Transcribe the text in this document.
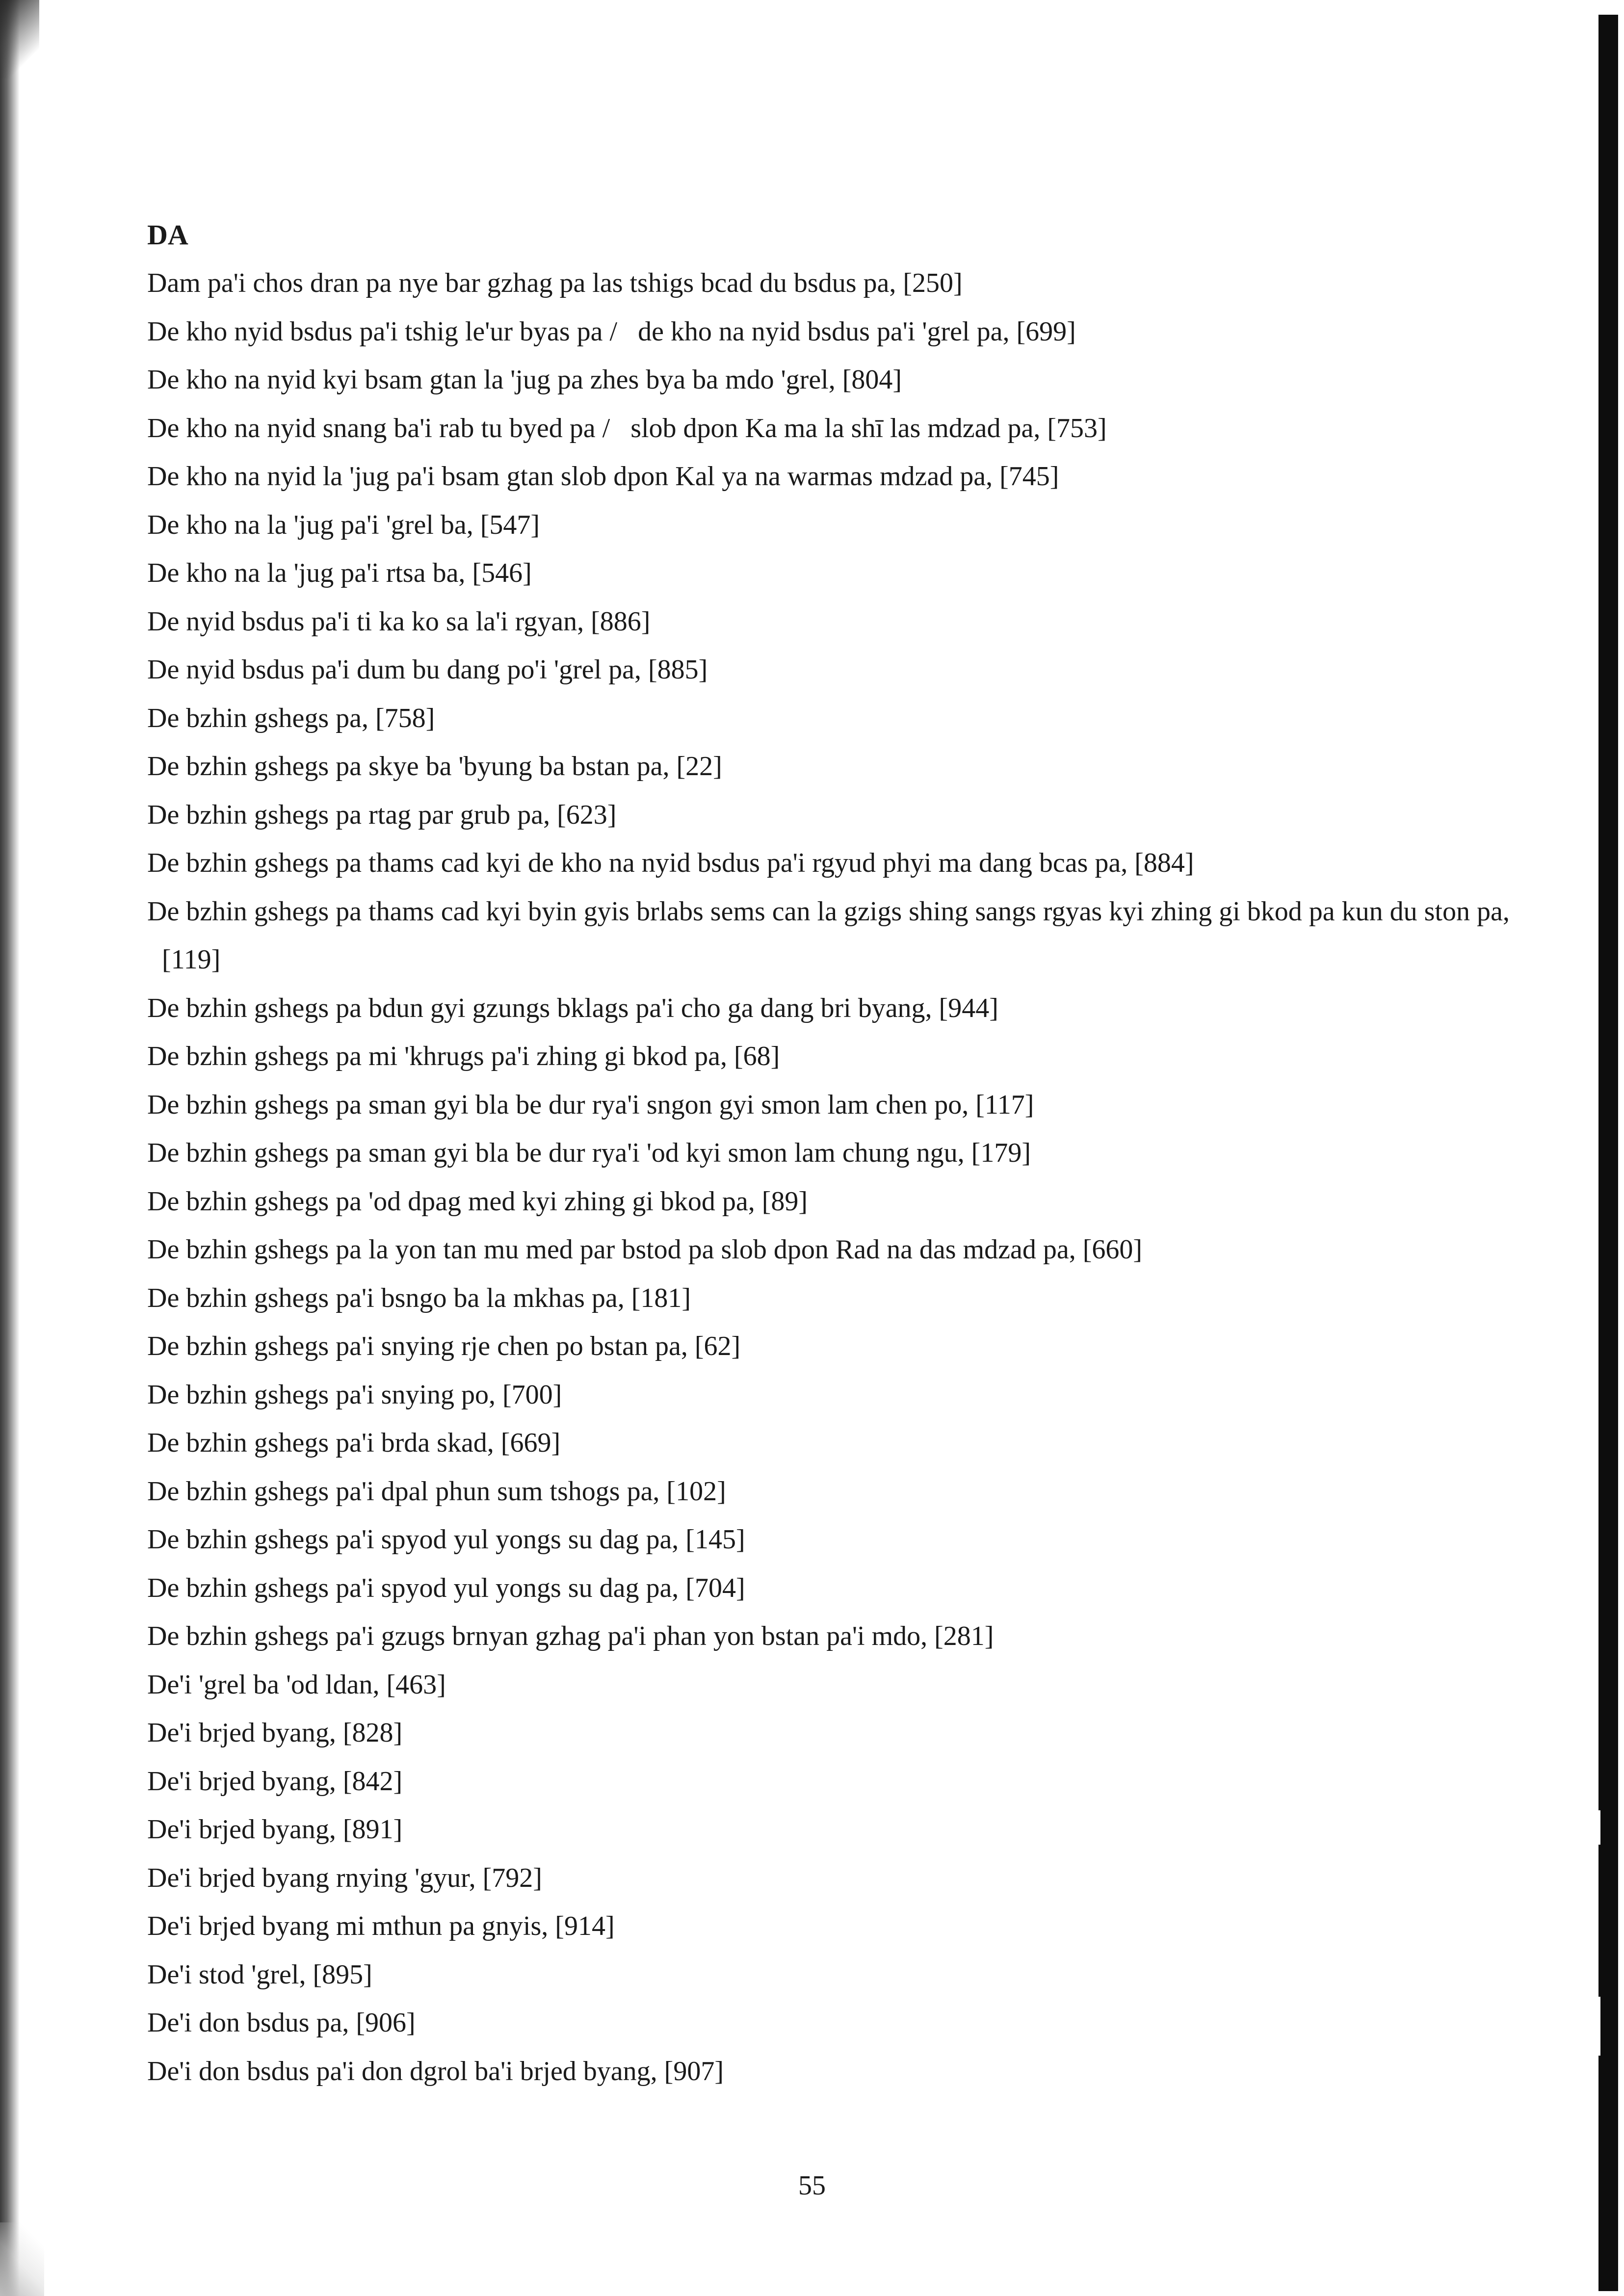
DA
Dam pa'i chos dran pa nye bar gzhag pa las tshigs bcad du bsdus pa, [250]
De kho nyid bsdus pa'i tshig le'ur byas pa /   de kho na nyid bsdus pa'i 'grel pa, [699]
De kho na nyid kyi bsam gtan la 'jug pa zhes bya ba mdo 'grel, [804]
De kho na nyid snang ba'i rab tu byed pa /   slob dpon Ka ma la shī las mdzad pa, [753]
De kho na nyid la 'jug pa'i bsam gtan slob dpon Kal ya na warmas mdzad pa, [745]
De kho na la 'jug pa'i 'grel ba, [547]
De kho na la 'jug pa'i rtsa ba, [546]
De nyid bsdus pa'i ti ka ko sa la'i rgyan, [886]
De nyid bsdus pa'i dum bu dang po'i 'grel pa, [885]
De bzhin gshegs pa, [758]
De bzhin gshegs pa skye ba 'byung ba bstan pa, [22]
De bzhin gshegs pa rtag par grub pa, [623]
De bzhin gshegs pa thams cad kyi de kho na nyid bsdus pa'i rgyud phyi ma dang bcas pa, [884]
De bzhin gshegs pa thams cad kyi byin gyis brlabs sems can la gzigs shing sangs rgyas kyi zhing gi bkod pa kun du ston pa, [119]
De bzhin gshegs pa bdun gyi gzungs bklags pa'i cho ga dang bri byang, [944]
De bzhin gshegs pa mi 'khrugs pa'i zhing gi bkod pa, [68]
De bzhin gshegs pa sman gyi bla be dur rya'i sngon gyi smon lam chen po, [117]
De bzhin gshegs pa sman gyi bla be dur rya'i 'od kyi smon lam chung ngu, [179]
De bzhin gshegs pa 'od dpag med kyi zhing gi bkod pa, [89]
De bzhin gshegs pa la yon tan mu med par bstod pa slob dpon Rad na das mdzad pa, [660]
De bzhin gshegs pa'i bsngo ba la mkhas pa, [181]
De bzhin gshegs pa'i snying rje chen po bstan pa, [62]
De bzhin gshegs pa'i snying po, [700]
De bzhin gshegs pa'i brda skad, [669]
De bzhin gshegs pa'i dpal phun sum tshogs pa, [102]
De bzhin gshegs pa'i spyod yul yongs su dag pa, [145]
De bzhin gshegs pa'i spyod yul yongs su dag pa, [704]
De bzhin gshegs pa'i gzugs brnyan gzhag pa'i phan yon bstan pa'i mdo, [281]
De'i 'grel ba 'od ldan, [463]
De'i brjed byang, [828]
De'i brjed byang, [842]
De'i brjed byang, [891]
De'i brjed byang rnying 'gyur, [792]
De'i brjed byang mi mthun pa gnyis, [914]
De'i stod 'grel, [895]
De'i don bsdus pa, [906]
De'i don bsdus pa'i don dgrol ba'i brjed byang, [907]
55
